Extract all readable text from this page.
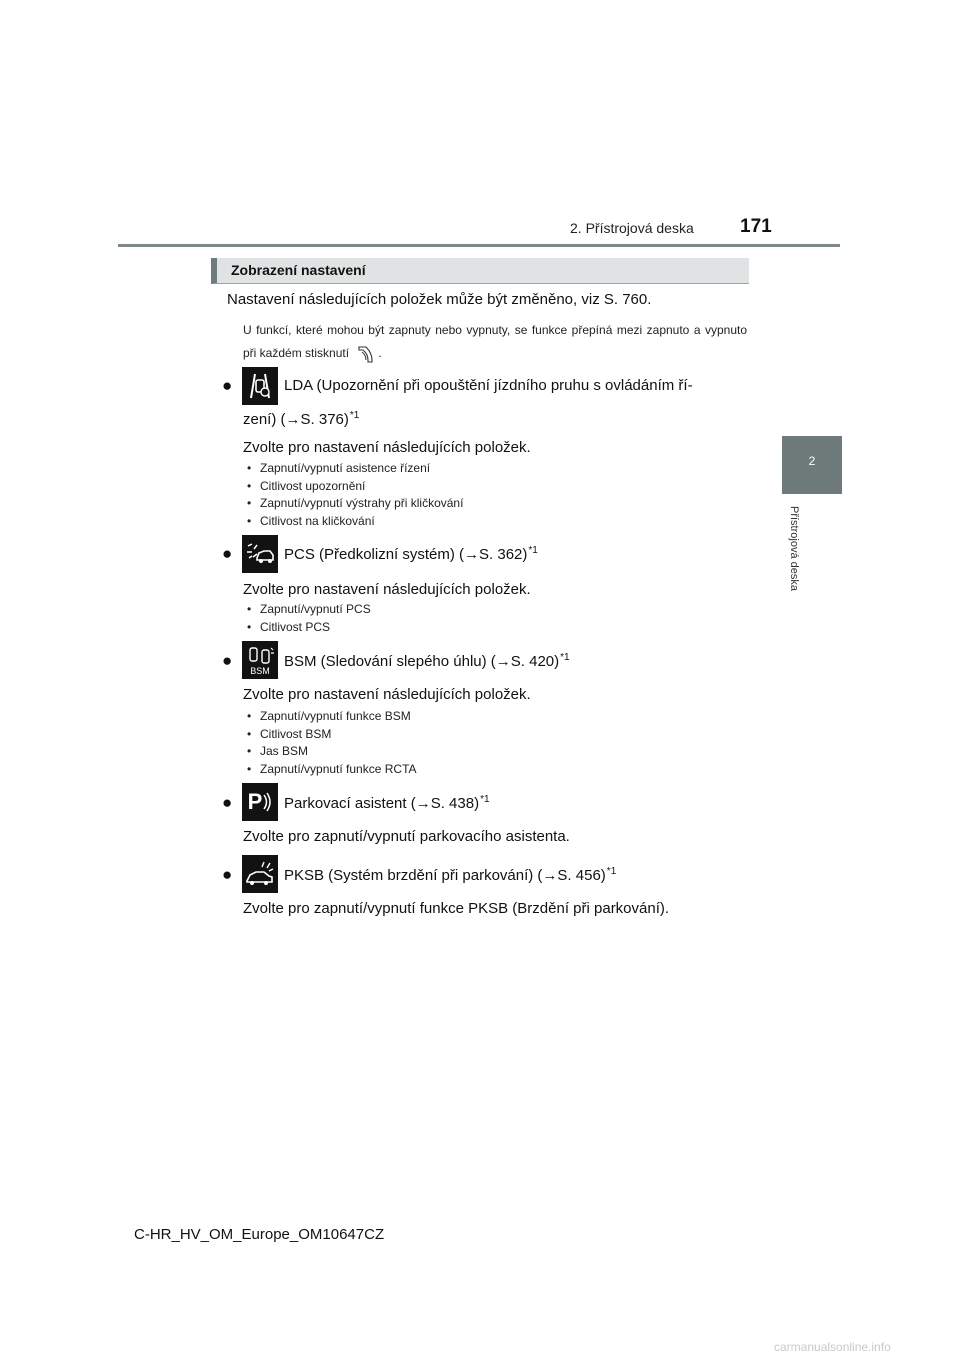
2. Přístrojová deska 171
2
Přístrojová deska
Zobrazení nastavení
Nastavení následujících položek může být změněno, viz S. 760.
U funkcí, které mohou být zapnuty nebo vypnuty, se funkce přepíná mezi zapnuto a vypnuto při každém stisknutí .
●	LDA (Upozornění při opouštění jízdního pruhu s ovládáním ří-
zení) (→S. 376)$^{*1}$
Zvolte pro nastavení následujících položek.
• Zapnutí/vypnutí asistence řízení
• Citlivost upozornění
• Zapnutí/vypnutí výstrahy při kličkování
• Citlivost na kličkování
●	PCS (Předkolizní systém) (→S. 362)$^{*1}$
Zvolte pro nastavení následujících položek.
• Zapnutí/vypnutí PCS
• Citlivost PCS
●
BSM
BSM (Sledování slepého úhlu) (→S. 420)$^{*1}$
Zvolte pro nastavení následujících položek.
• Zapnutí/vypnutí funkce BSM
• Citlivost BSM
• Jas BSM
• Zapnutí/vypnutí funkce RCTA
● P Parkovací asistent (→S. 438)$^{*1}$
Zvolte pro zapnutí/vypnutí parkovacího asistenta.
●	PKSB (Systém brzdění při parkování) (→S. 456)$^{*1}$
Zvolte pro zapnutí/vypnutí funkce PKSB (Brzdění při parkování).
C-HR_HV_OM_Europe_OM10647CZ
carmanualsonline.info
